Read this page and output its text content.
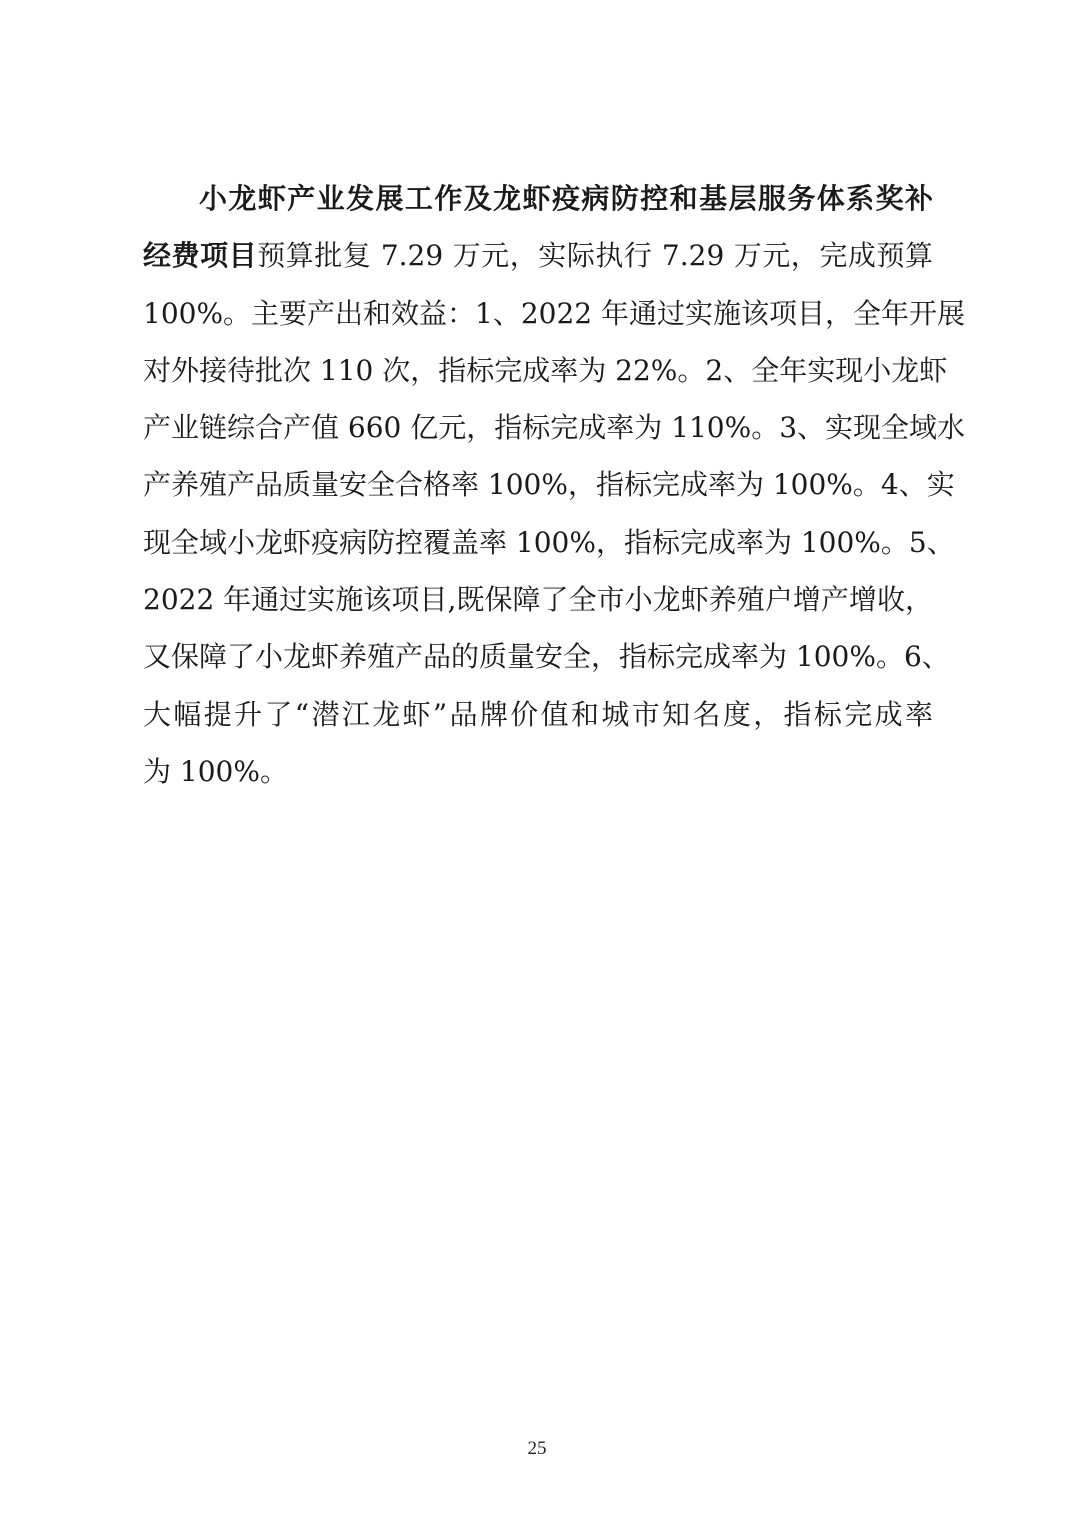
小龙虾产业发展工作及龙虾疫病防控和基层服务体系奖补
经费项目预算批复 7.29 万元，实际执行 7.29 万元，完成预算
100%。主要产出和效益：1、2022 年通过实施该项目，全年开展
对外接待批次 110 次，指标完成率为 22%。2、全年实现小龙虾
产业链综合产值 660 亿元，指标完成率为 110%。3、实现全域水
产养殖产品质量安全合格率 100%，指标完成率为 100%。4、实
现全域小龙虾疫病防控覆盖率 100%，指标完成率为 100%。5、
2022 年通过实施该项目,既保障了全市小龙虾养殖户增产增收，
又保障了小龙虾养殖产品的质量安全，指标完成率为 100%。6、
大幅提升了“潜江龙虾”品牌价值和城市知名度，指标完成率
为 100%。
25
